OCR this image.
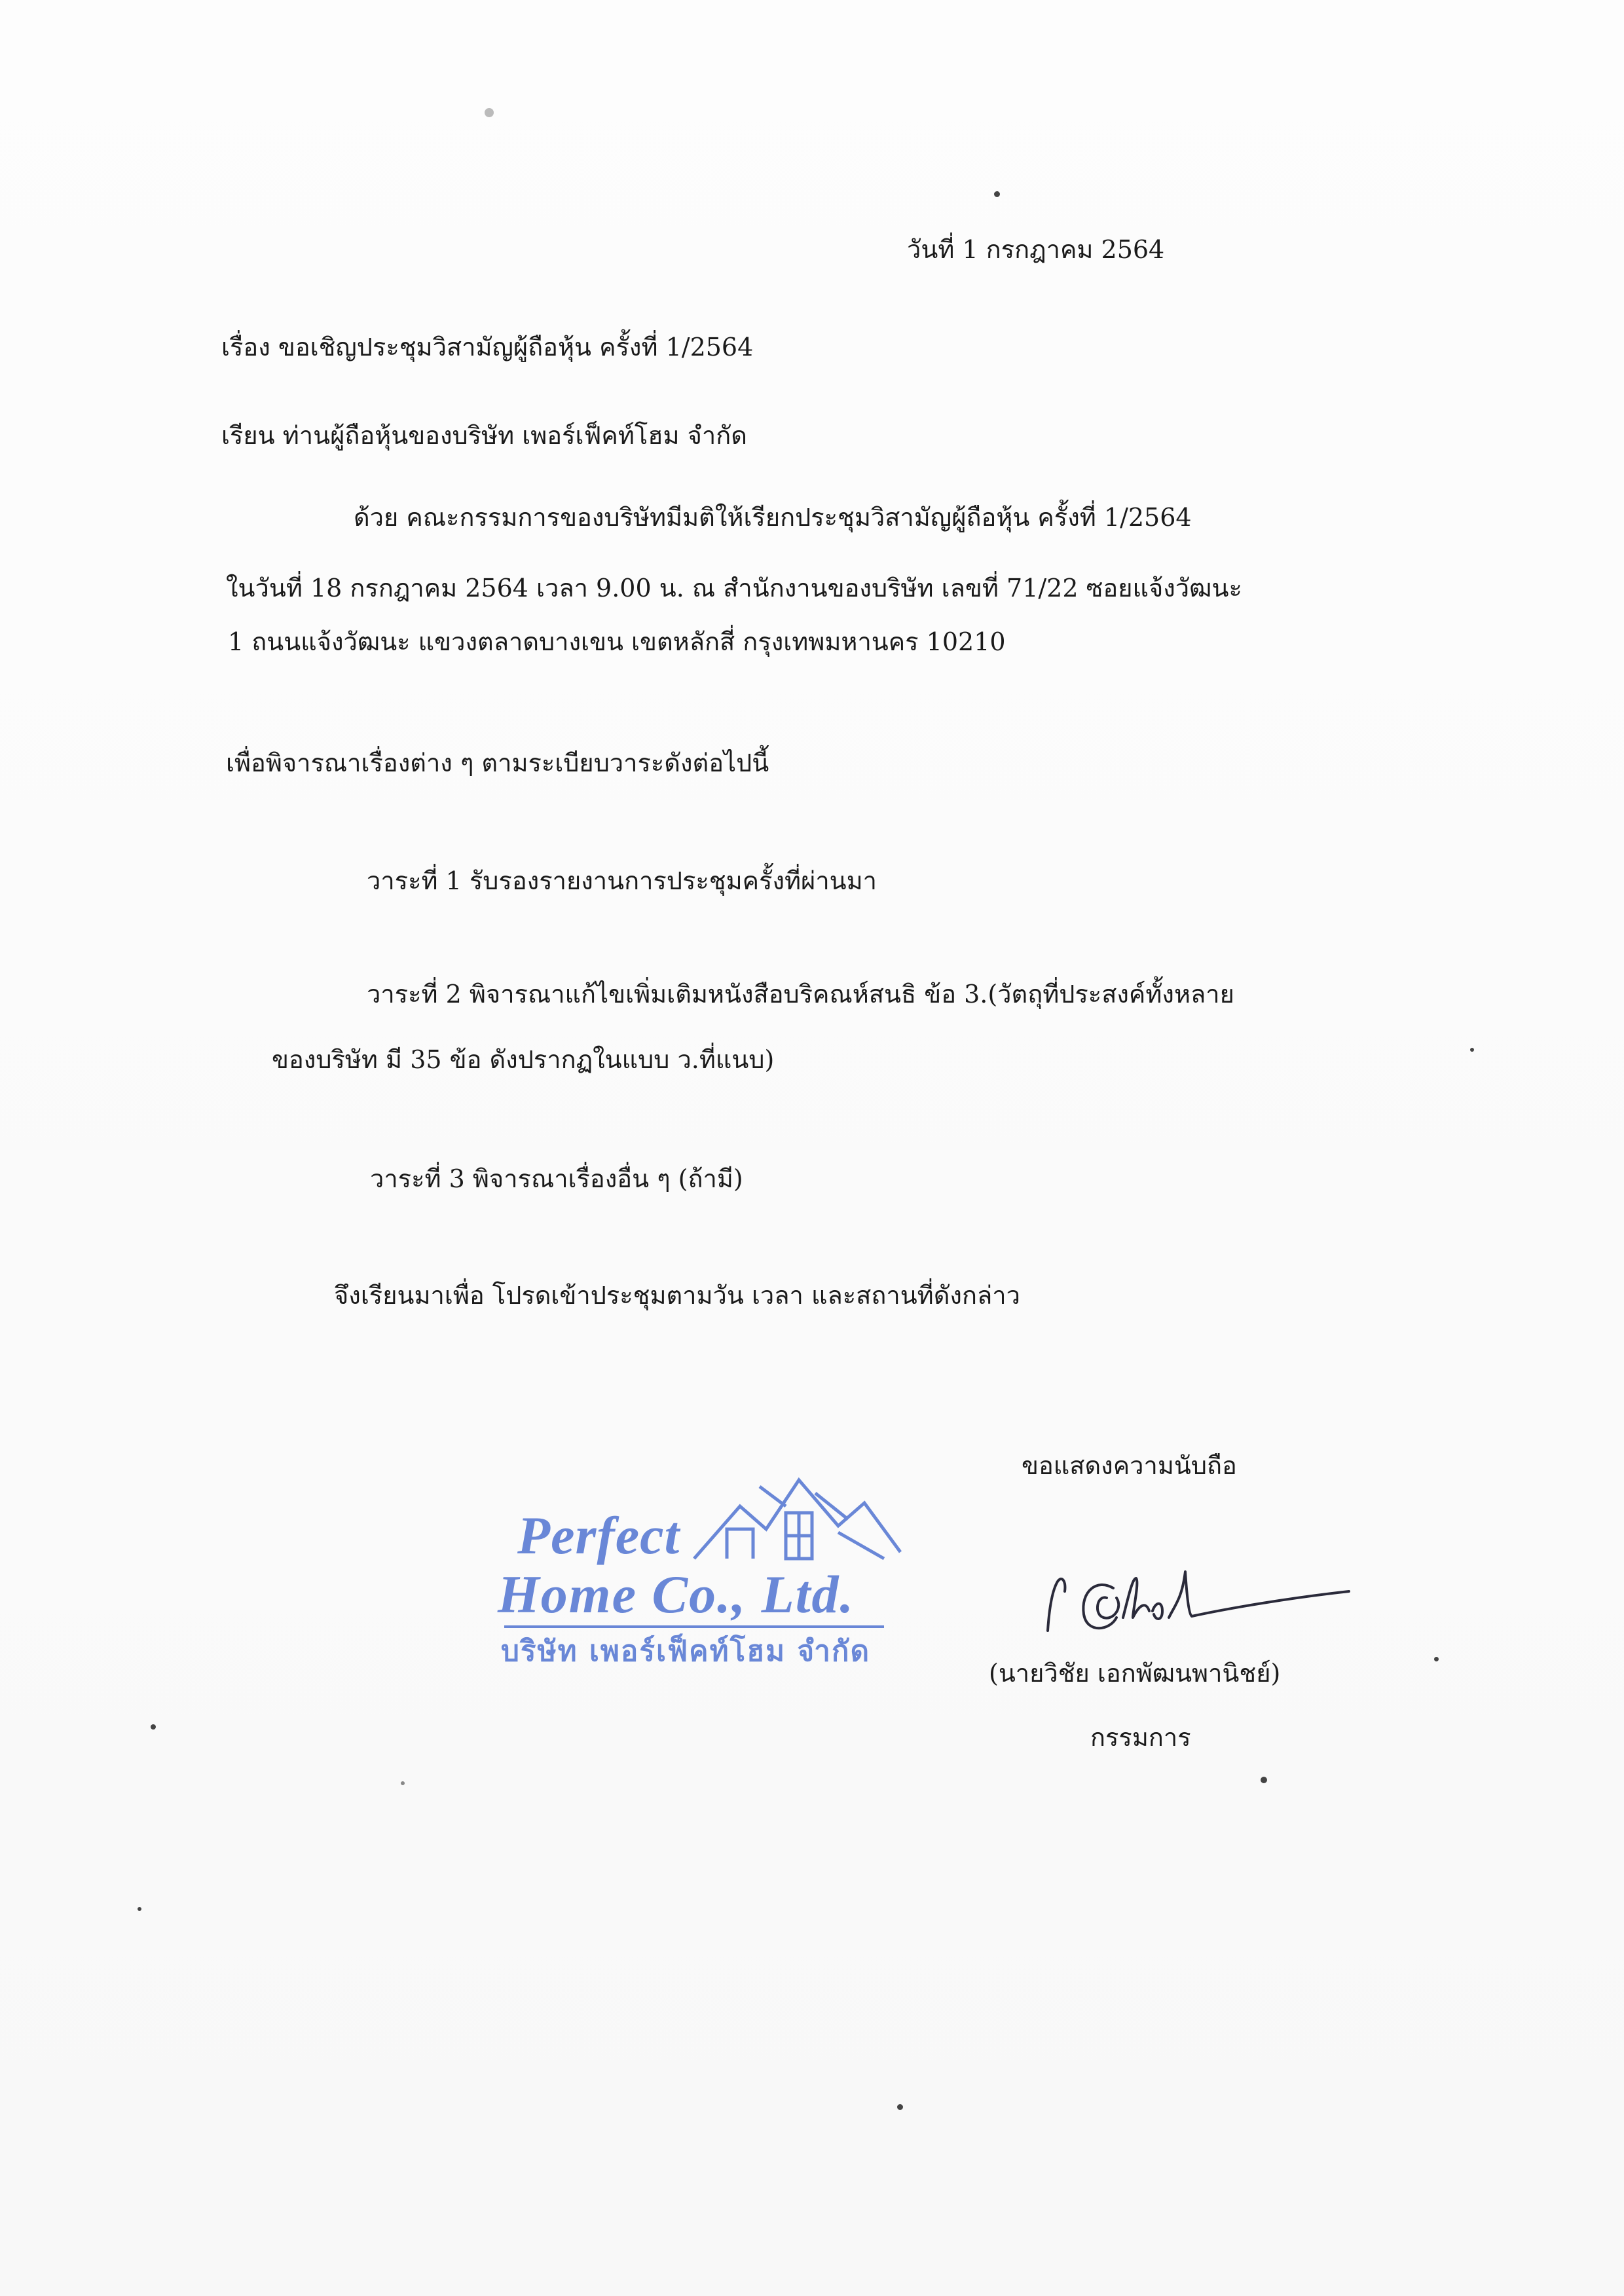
วันที่ 1 กรกฎาคม 2564
เรื่อง ขอเชิญประชุมวิสามัญผู้ถือหุ้น ครั้งที่ 1/2564
เรียน ท่านผู้ถือหุ้นของบริษัท เพอร์เฟ็คท์โฮม จำกัด
ด้วย คณะกรรมการของบริษัทมีมติให้เรียกประชุมวิสามัญผู้ถือหุ้น ครั้งที่ 1/2564
ในวันที่ 18 กรกฎาคม 2564 เวลา 9.00 น. ณ สำนักงานของบริษัท เลขที่ 71/22 ซอยแจ้งวัฒนะ
1 ถนนแจ้งวัฒนะ แขวงตลาดบางเขน เขตหลักสี่ กรุงเทพมหานคร 10210
เพื่อพิจารณาเรื่องต่าง ๆ ตามระเบียบวาระดังต่อไปนี้
วาระที่ 1 รับรองรายงานการประชุมครั้งที่ผ่านมา
วาระที่ 2 พิจารณาแก้ไขเพิ่มเติมหนังสือบริคณห์สนธิ ข้อ 3.(วัตถุที่ประสงค์ทั้งหลาย
ของบริษัท มี 35 ข้อ ดังปรากฏในแบบ ว.ที่แนบ)
วาระที่ 3 พิจารณาเรื่องอื่น ๆ (ถ้ามี)
จึงเรียนมาเพื่อ โปรดเข้าประชุมตามวัน เวลา และสถานที่ดังกล่าว
ขอแสดงความนับถือ
Perfect
Home Co., Ltd.
บริษัท เพอร์เฟ็คท์โฮม จำกัด
(นายวิชัย เอกพัฒนพานิชย์)
กรรมการ
